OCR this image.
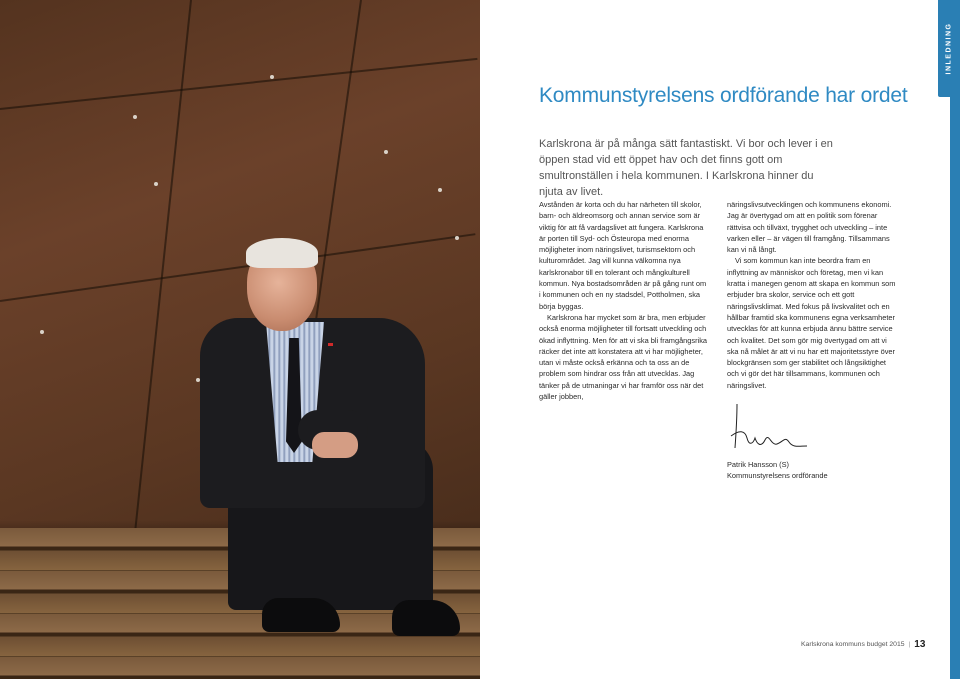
INLEDNING
Kommunstyrelsens ordförande har ordet

Karlskrona är på många sätt fantastiskt. Vi bor och lever i en öppen stad vid ett öppet hav och det finns gott om smultronställen i hela kommunen. I Karlskrona hinner du njuta av livet.

Avstånden är korta och du har närheten till skolor, barn- och äldreomsorg och annan service som är viktig för att få vardagslivet att fungera. Karlskrona är porten till Syd- och Östeuropa med enorma möjligheter inom näringslivet, turismsektorn och kulturområdet. Jag vill kunna välkomna nya karlskronabor till en tolerant och mångkulturell kommun. Nya bostadsområden är på gång runt om i kommunen och en ny stadsdel, Pottholmen, ska börja byggas.

Karlskrona har mycket som är bra, men erbjuder också enorma möjligheter till fortsatt utveckling och ökad inflyttning. Men för att vi ska bli framgångsrika räcker det inte att konstatera att vi har möjligheter, utan vi måste också erkänna och ta oss an de problem som hindrar oss från att utvecklas. Jag tänker på de utmaningar vi har framför oss när det gäller jobben,

näringslivsutvecklingen och kommunens ekonomi. Jag är övertygad om att en politik som förenar rättvisa och tillväxt, trygghet och utveckling – inte varken eller – är vägen till framgång. Tillsammans kan vi nå långt.

Vi som kommun kan inte beordra fram en inflyttning av människor och företag, men vi kan kratta i manegen genom att skapa en kommun som erbjuder bra skolor, service och ett gott näringslivsklimat. Med fokus på livskvalitet och en hållbar framtid ska kommunens egna verksamheter utvecklas för att kunna erbjuda ännu bättre service och kvalitet. Det som gör mig övertygad om att vi ska nå målet är att vi nu har ett majoritetsstyre över blockgränsen som ger stabilitet och långsiktighet och vi gör det här tillsammans, kommunen och näringslivet.

Patrik Hansson (S)
Kommunstyrelsens ordförande
Karlskrona kommuns budget 2015 | 13
